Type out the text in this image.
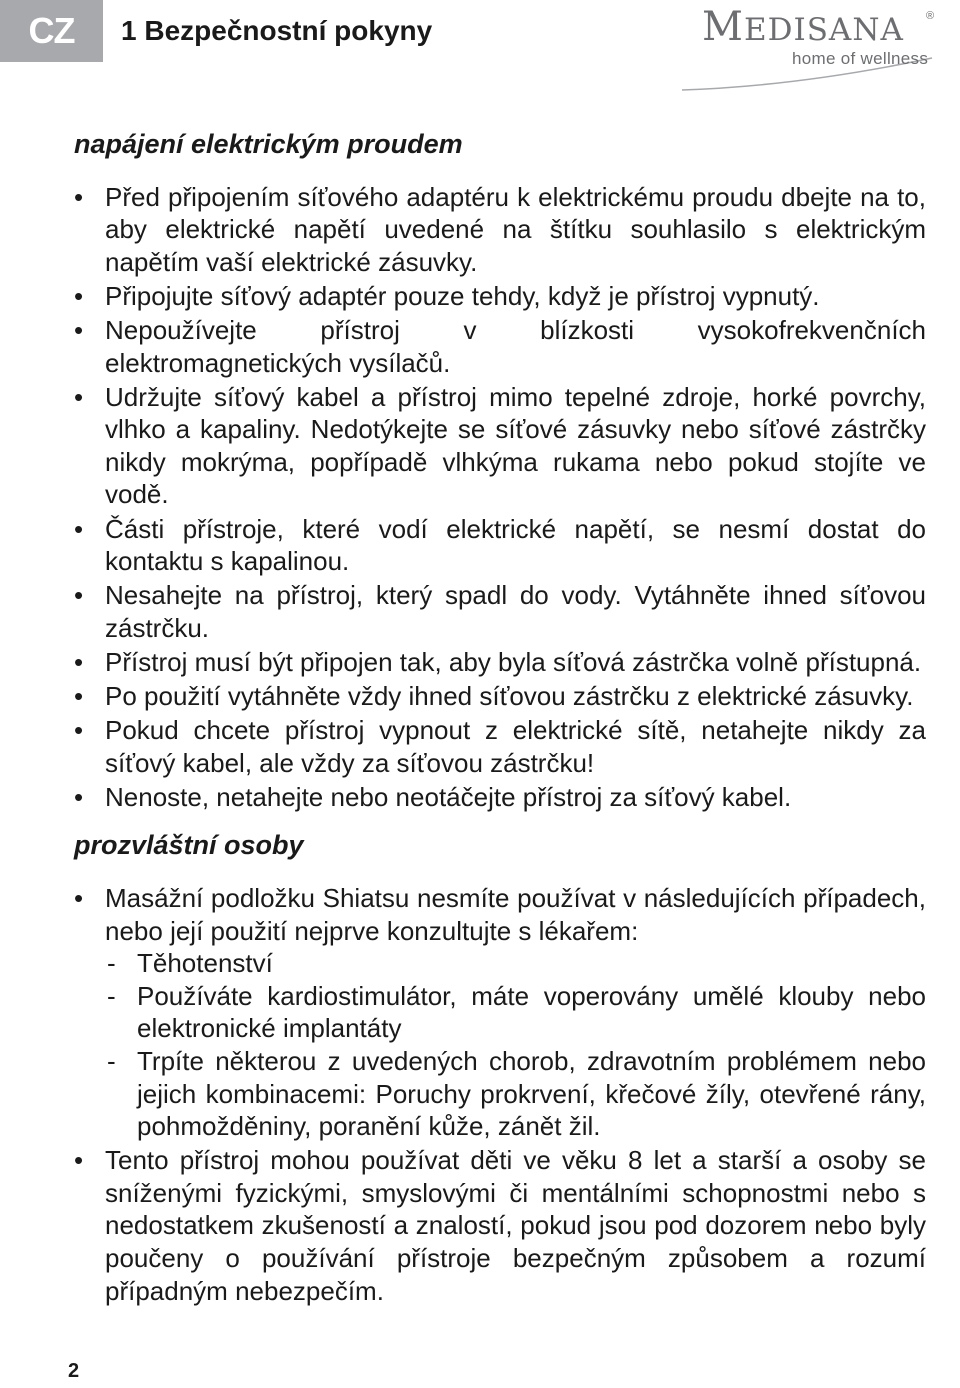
CZ	1 Bezpečnostní pokyny	MEDISANA ®
home of wellness
napájení elektrickým proudem
• Před připojením síťového adaptéru k elektrickému proudu dbejte na to, aby elektrické napětí uvedené na štítku souhlasilo s elektrickým napětím vaší elektrické zásuvky.
• Připojujte síťový adaptér pouze tehdy, když je přístroj vypnutý.
• Nepoužívejte přístroj v blízkosti vysokofrekvenčních elektromagnetických vysílačů.
• Udržujte síťový kabel a přístroj mimo tepelné zdroje, horké povrchy, vlhko a kapaliny. Nedotýkejte se síťové zásuvky nebo síťové zástrčky nikdy mokrýma, popřípadě vlhkýma rukama nebo pokud stojíte ve vodě.
• Části přístroje, které vodí elektrické napětí, se nesmí dostat do kontaktu s kapalinou.
• Nesahejte na přístroj, který spadl do vody. Vytáhněte ihned síťovou zástrčku.
• Přístroj musí být připojen tak, aby byla síťová zástrčka volně přístupná.
• Po použití vytáhněte vždy ihned síťovou zástrčku z elektrické zásuvky.
• Pokud chcete přístroj vypnout z elektrické sítě, netahejte nikdy za síťový kabel, ale vždy za síťovou zástrčku!
• Nenoste, netahejte nebo neotáčejte přístroj za síťový kabel.
prozvláštní osoby
• Masážní podložku Shiatsu nesmíte používat v následujících případech, nebo její použití nejprve konzultujte s lékařem:
- Těhotenství
- Používáte kardiostimulátor, máte voperovány umělé klouby nebo elektronické implantáty
- Trpíte některou z uvedených chorob, zdravotním problémem nebo jejich kombinacemi: Poruchy prokrvení, křečové žíly, otevřené rány, pohmožděniny, poranění kůže, zánět žil.
• Tento přístroj mohou používat děti ve věku 8 let a starší a osoby se sníženými fyzickými, smyslovými či mentálními schopnostmi nebo s nedostatkem zkušeností a znalostí, pokud jsou pod dozorem nebo byly poučeny o používání přístroje bezpečným způsobem a rozumí případným nebezpečím.
2
